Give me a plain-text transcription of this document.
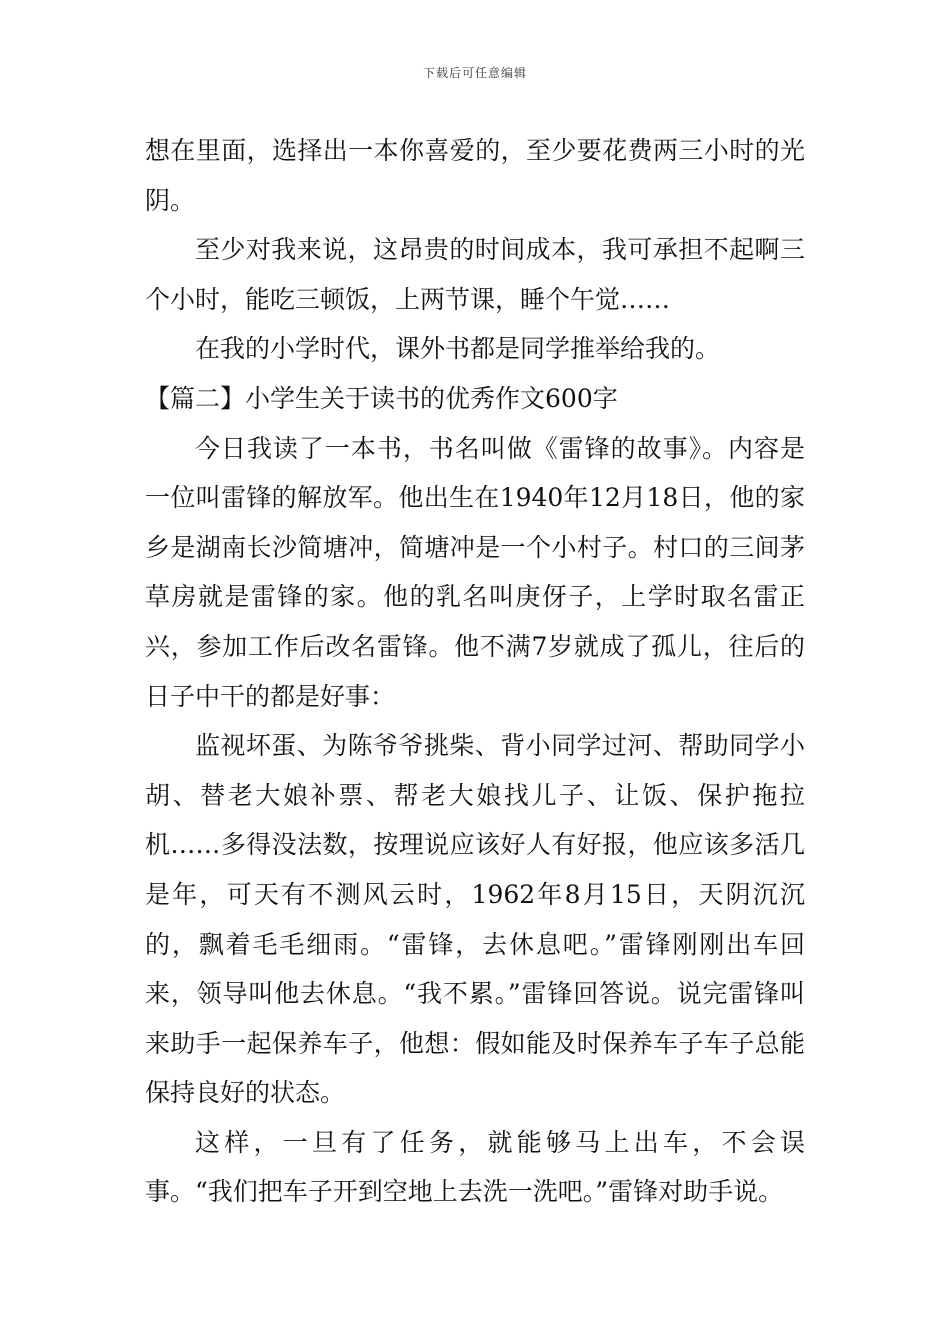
下载后可任意编辑

想在里面，选择出一本你喜爱的，至少要花费两三小时的光阴。

至少对我来说，这昂贵的时间成本，我可承担不起啊三个小时，能吃三顿饭，上两节课，睡个午觉……

在我的小学时代，课外书都是同学推举给我的。

【篇二】小学生关于读书的优秀作文600字

今日我读了一本书，书名叫做《雷锋的故事》。内容是一位叫雷锋的解放军。他出生在1940年12月18日，他的家乡是湖南长沙简塘冲，简塘冲是一个小村子。村口的三间茅草房就是雷锋的家。他的乳名叫庚伢子，上学时取名雷正兴，参加工作后改名雷锋。他不满7岁就成了孤儿，往后的日子中干的都是好事：

监视坏蛋、为陈爷爷挑柴、背小同学过河、帮助同学小胡、替老大娘补票、帮老大娘找儿子、让饭、保护拖拉机……多得没法数，按理说应该好人有好报，他应该多活几是年，可天有不测风云时，1962年8月15日，天阴沉沉的，飘着毛毛细雨。“雷锋，去休息吧。”雷锋刚刚出车回来，领导叫他去休息。“我不累。”雷锋回答说。说完雷锋叫来助手一起保养车子，他想：假如能及时保养车子车子总能保持良好的状态。

这样，一旦有了任务，就能够马上出车，不会误事。“我们把车子开到空地上去洗一洗吧。”雷锋对助手说。
